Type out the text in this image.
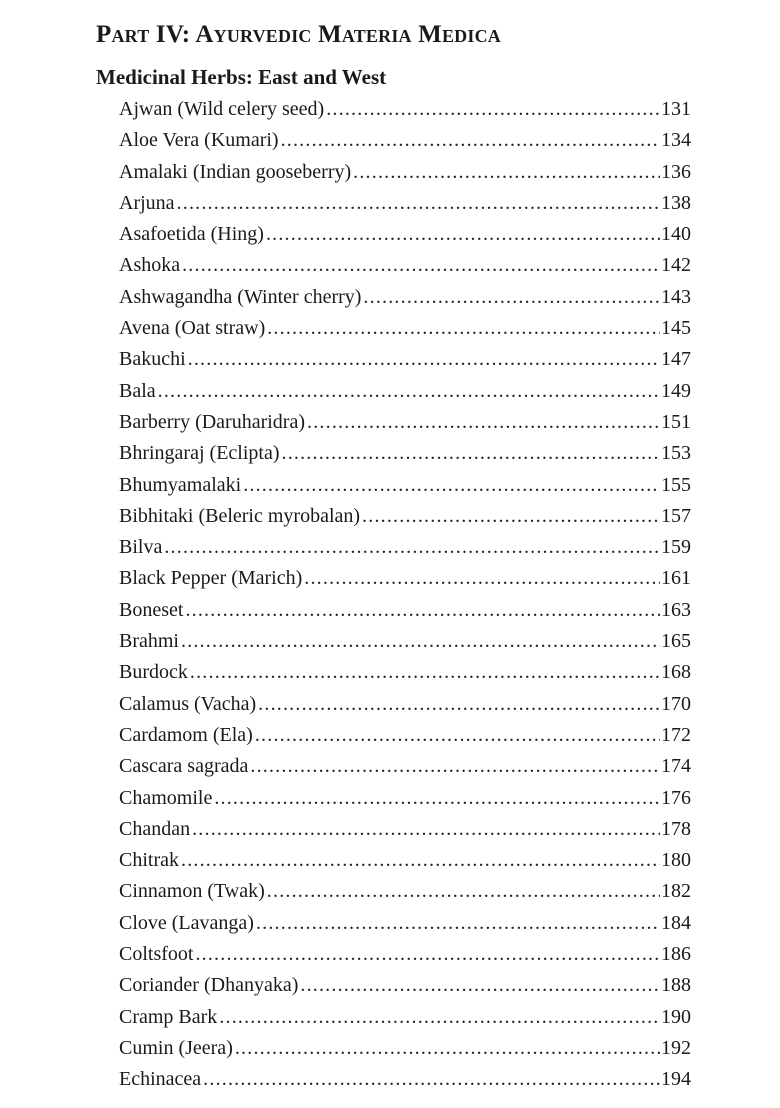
Part IV: Ayurvedic Materia Medica
Medicinal Herbs: East and West
Ajwan (Wild celery seed) .....	131
Aloe Vera (Kumari) .....	134
Amalaki (Indian gooseberry) .....	136
Arjuna .....	138
Asafoetida (Hing) .....	140
Ashoka .....	142
Ashwagandha (Winter cherry) .....	143
Avena (Oat straw) .....	145
Bakuchi .....	147
Bala .....	149
Barberry (Daruharidra) .....	151
Bhringaraj (Eclipta) .....	153
Bhumyamalaki .....	155
Bibhitaki (Beleric myrobalan) .....	157
Bilva .....	159
Black Pepper (Marich) .....	161
Boneset .....	163
Brahmi .....	165
Burdock .....	168
Calamus (Vacha) .....	170
Cardamom (Ela) .....	172
Cascara sagrada .....	174
Chamomile .....	176
Chandan .....	178
Chitrak .....	180
Cinnamon (Twak) .....	182
Clove (Lavanga) .....	184
Coltsfoot .....	186
Coriander (Dhanyaka) .....	188
Cramp Bark .....	190
Cumin (Jeera) .....	192
Echinacea .....	194
